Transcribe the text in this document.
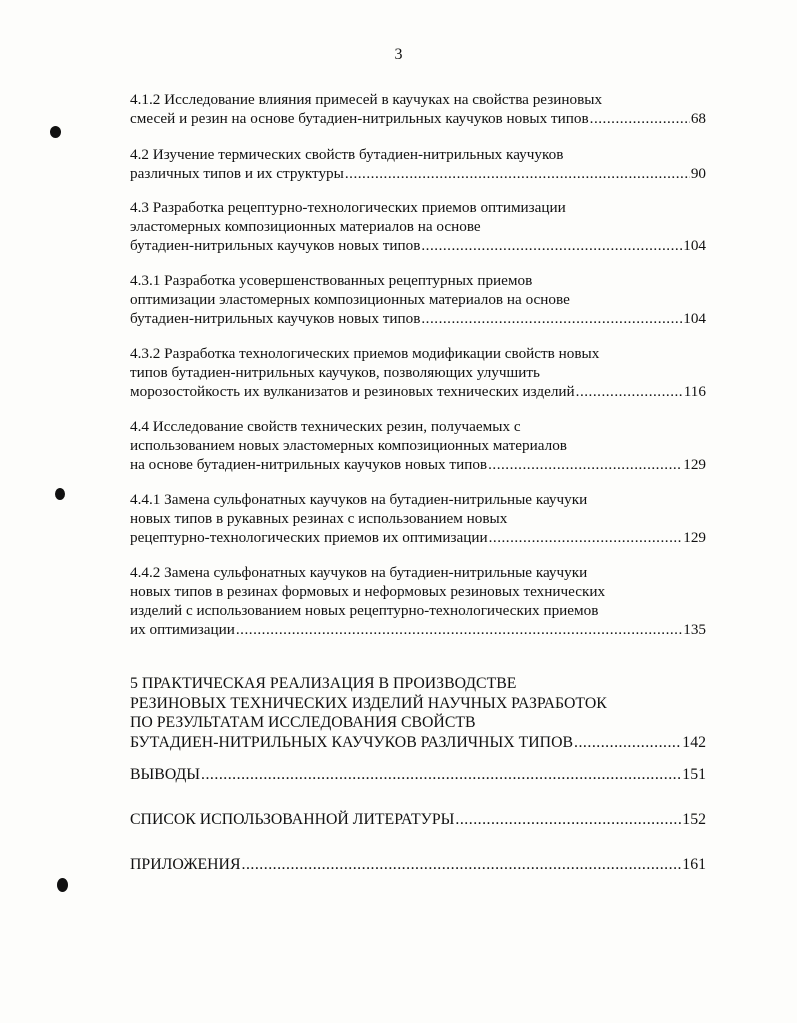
3
4.1.2 Исследование влияния примесей в каучуках на свойства резиновых
смесей и резин на основе бутадиен-нитрильных каучуков новых типов .....	68
4.2 Изучение термических свойств бутадиен-нитрильных каучуков
различных типов и их структуры .....	90
4.3 Разработка рецептурно-технологических приемов оптимизации
эластомерных композиционных материалов на основе
бутадиен-нитрильных каучуков новых типов .....	104
4.3.1 Разработка усовершенствованных рецептурных приемов
оптимизации эластомерных композиционных материалов на основе
бутадиен-нитрильных каучуков новых типов .....	104
4.3.2 Разработка технологических приемов модификации свойств новых
типов бутадиен-нитрильных каучуков, позволяющих улучшить
морозостойкость их вулканизатов и резиновых технических изделий .....	116
4.4 Исследование свойств технических резин, получаемых с
использованием новых эластомерных композиционных материалов
на основе бутадиен-нитрильных каучуков новых типов .....	129
4.4.1 Замена сульфонатных каучуков на бутадиен-нитрильные каучуки
новых типов в рукавных резинах с использованием новых
рецептурно-технологических приемов их оптимизации .....	129
4.4.2 Замена сульфонатных каучуков на бутадиен-нитрильные каучуки
новых типов в резинах формовых и неформовых резиновых технических
изделий с использованием новых рецептурно-технологических приемов
их оптимизации .....	135
5 ПРАКТИЧЕСКАЯ РЕАЛИЗАЦИЯ В ПРОИЗВОДСТВЕ
РЕЗИНОВЫХ ТЕХНИЧЕСКИХ ИЗДЕЛИЙ НАУЧНЫХ РАЗРАБОТОК
ПО РЕЗУЛЬТАТАМ ИССЛЕДОВАНИЯ СВОЙСТВ
БУТАДИЕН-НИТРИЛЬНЫХ КАУЧУКОВ РАЗЛИЧНЫХ ТИПОВ .....	142
ВЫВОДЫ .....	151
СПИСОК ИСПОЛЬЗОВАННОЙ ЛИТЕРАТУРЫ .....	152
ПРИЛОЖЕНИЯ .....	161
